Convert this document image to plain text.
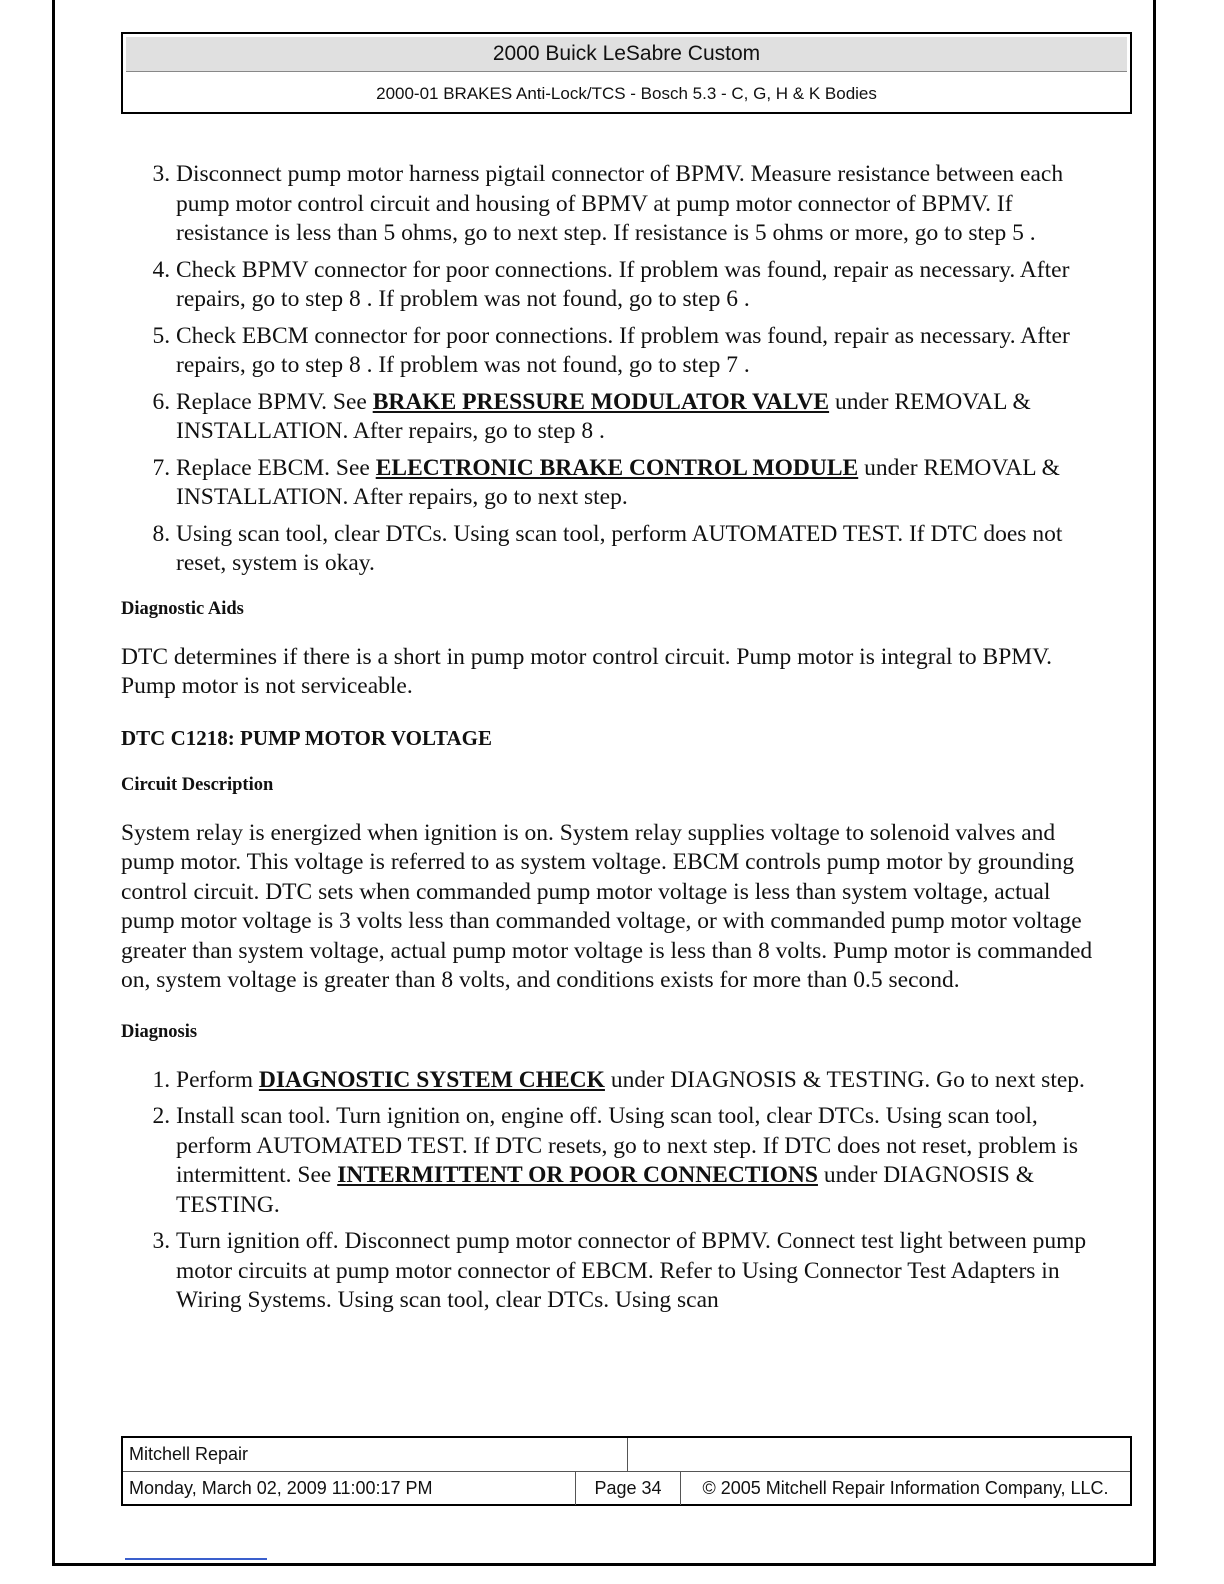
2000 Buick LeSabre Custom
2000-01 BRAKES Anti-Lock/TCS - Bosch 5.3 - C, G, H & K Bodies
3. Disconnect pump motor harness pigtail connector of BPMV. Measure resistance between each pump motor control circuit and housing of BPMV at pump motor connector of BPMV. If resistance is less than 5 ohms, go to next step. If resistance is 5 ohms or more, go to step 5 .
4. Check BPMV connector for poor connections. If problem was found, repair as necessary. After repairs, go to step 8 . If problem was not found, go to step 6 .
5. Check EBCM connector for poor connections. If problem was found, repair as necessary. After repairs, go to step 8 . If problem was not found, go to step 7 .
6. Replace BPMV. See BRAKE PRESSURE MODULATOR VALVE under REMOVAL & INSTALLATION. After repairs, go to step 8 .
7. Replace EBCM. See ELECTRONIC BRAKE CONTROL MODULE under REMOVAL & INSTALLATION. After repairs, go to next step.
8. Using scan tool, clear DTCs. Using scan tool, perform AUTOMATED TEST. If DTC does not reset, system is okay.
Diagnostic Aids

DTC determines if there is a short in pump motor control circuit. Pump motor is integral to BPMV. Pump motor is not serviceable.

DTC C1218: PUMP MOTOR VOLTAGE
Circuit Description

System relay is energized when ignition is on. System relay supplies voltage to solenoid valves and pump motor. This voltage is referred to as system voltage. EBCM controls pump motor by grounding control circuit. DTC sets when commanded pump motor voltage is less than system voltage, actual pump motor voltage is 3 volts less than commanded voltage, or with commanded pump motor voltage greater than system voltage, actual pump motor voltage is less than 8 volts. Pump motor is commanded on, system voltage is greater than 8 volts, and conditions exists for more than 0.5 second.

Diagnosis
1. Perform DIAGNOSTIC SYSTEM CHECK under DIAGNOSIS & TESTING. Go to next step.
2. Install scan tool. Turn ignition on, engine off. Using scan tool, clear DTCs. Using scan tool, perform AUTOMATED TEST. If DTC resets, go to next step. If DTC does not reset, problem is intermittent. See INTERMITTENT OR POOR CONNECTIONS under DIAGNOSIS & TESTING.
3. Turn ignition off. Disconnect pump motor connector of BPMV. Connect test light between pump motor circuits at pump motor connector of EBCM. Refer to Using Connector Test Adapters in Wiring Systems. Using scan tool, clear DTCs. Using scan
Mitchell Repair
Monday, March 02, 2009 11:00:17 PM	Page 34	© 2005 Mitchell Repair Information Company, LLC.
